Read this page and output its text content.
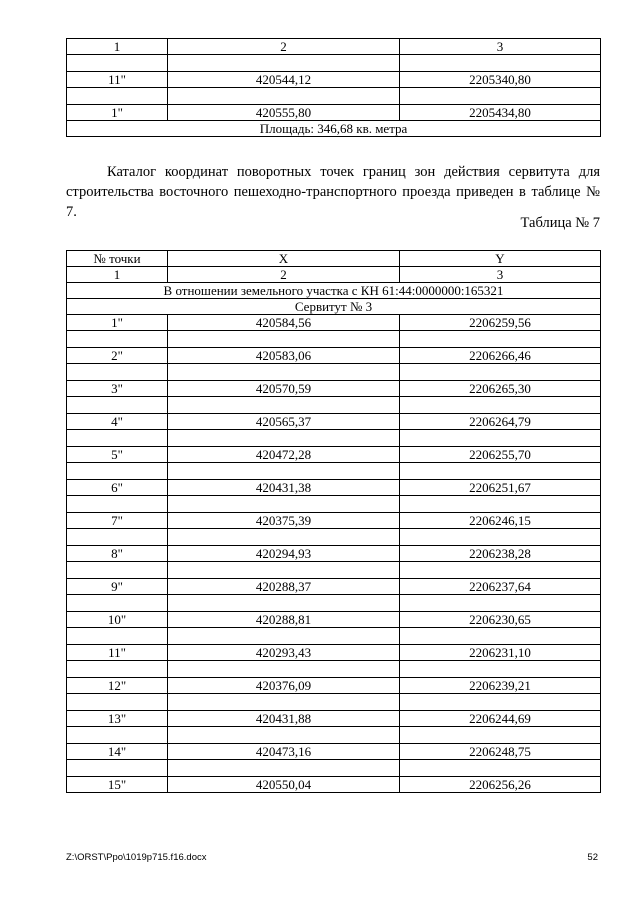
1	2	3

11"	420544,12	2205340,80

1"	420555,80	2205434,80
Площадь: 346,68 кв. метра		

Каталог координат поворотных точек границ зон действия сервитута для строительства восточного пешеходно-транспортного проезда приведен в таблице № 7.

Таблица № 7
№ точки	X	Y
1	2	3
В отношении земельного участка с КН 61:44:0000000:165321		
Сервитут № 3		
1"	420584,56	2206259,56

2"	420583,06	2206266,46

3"	420570,59	2206265,30

4"	420565,37	2206264,79

5"	420472,28	2206255,70

6"	420431,38	2206251,67

7"	420375,39	2206246,15

8"	420294,93	2206238,28

9"	420288,37	2206237,64

10"	420288,81	2206230,65

11"	420293,43	2206231,10

12"	420376,09	2206239,21

13"	420431,88	2206244,69

14"	420473,16	2206248,75

15"	420550,04	2206256,26
Z:\ORST\Ppo\1019p715.f16.docx	52
